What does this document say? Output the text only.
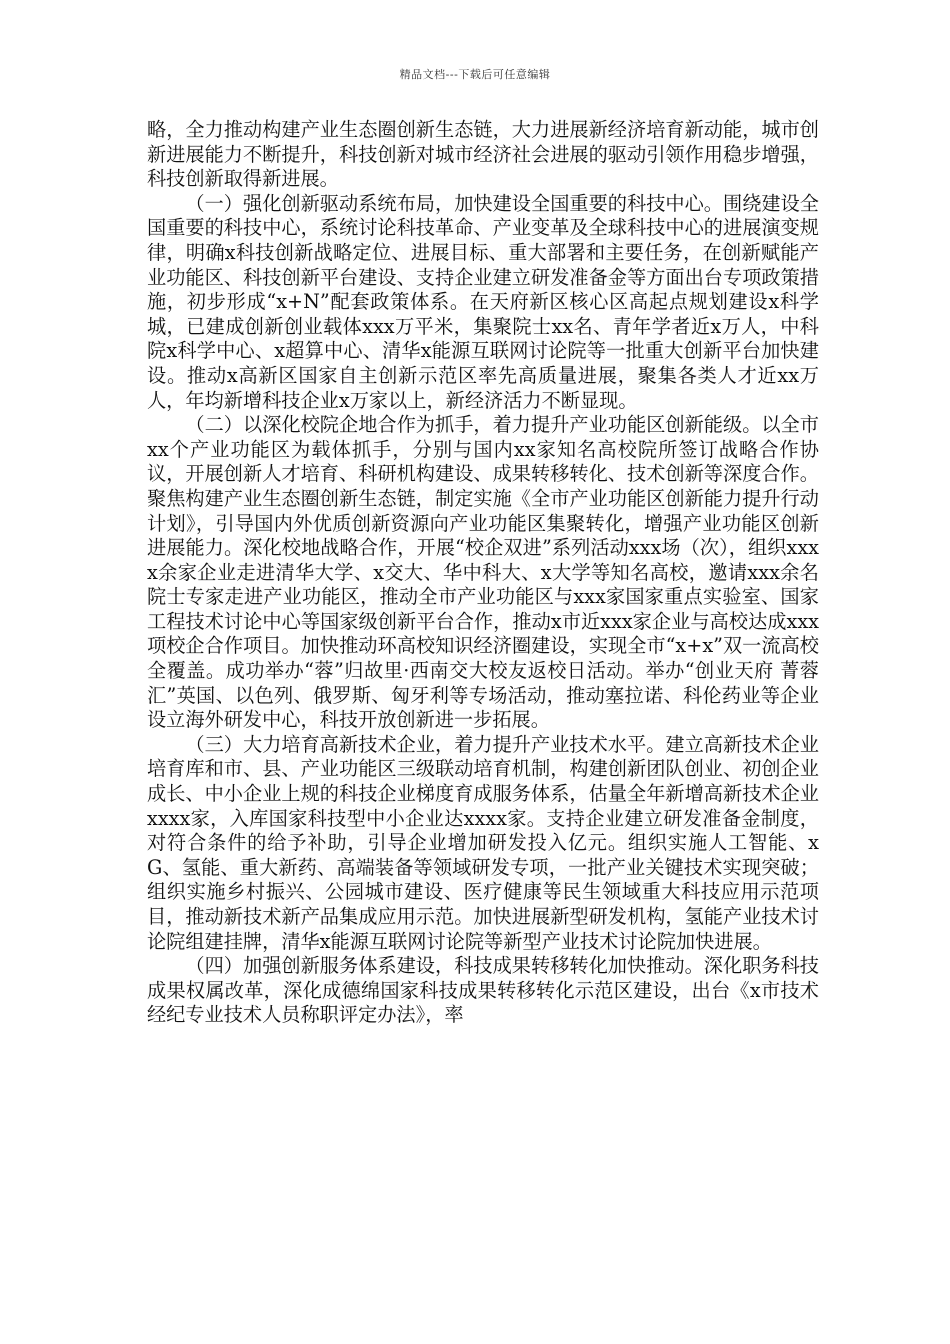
精品文档---下载后可任意编辑

略，全力推动构建产业生态圈创新生态链，大力进展新经济培育新动能，城市创新进展能力不断提升，科技创新对城市经济社会进展的驱动引领作用稳步增强，科技创新取得新进展。

（一）强化创新驱动系统布局，加快建设全国重要的科技中心。围绕建设全国重要的科技中心，系统讨论科技革命、产业变革及全球科技中心的进展演变规律，明确x科技创新战略定位、进展目标、重大部署和主要任务，在创新赋能产业功能区、科技创新平台建设、支持企业建立研发准备金等方面出台专项政策措施，初步形成“x+N”配套政策体系。在天府新区核心区高起点规划建设x科学城，已建成创新创业载体xxx万平米，集聚院士xx名、青年学者近x万人，中科院x科学中心、x超算中心、清华x能源互联网讨论院等一批重大创新平台加快建设。推动x高新区国家自主创新示范区率先高质量进展，聚集各类人才近xx万人，年均新增科技企业x万家以上，新经济活力不断显现。

（二）以深化校院企地合作为抓手，着力提升产业功能区创新能级。以全市xx个产业功能区为载体抓手，分别与国内xx家知名高校院所签订战略合作协议，开展创新人才培育、科研机构建设、成果转移转化、技术创新等深度合作。聚焦构建产业生态圈创新生态链，制定实施《全市产业功能区创新能力提升行动计划》，引导国内外优质创新资源向产业功能区集聚转化，增强产业功能区创新进展能力。深化校地战略合作，开展“校企双进”系列活动xxx场（次），组织xxxx余家企业走进清华大学、x交大、华中科大、x大学等知名高校，邀请xxx余名院士专家走进产业功能区，推动全市产业功能区与xxx家国家重点实验室、国家工程技术讨论中心等国家级创新平台合作，推动x市近xxx家企业与高校达成xxx项校企合作项目。加快推动环高校知识经济圈建设，实现全市“x+x”双一流高校全覆盖。成功举办“蓉”归故里·西南交大校友返校日活动。举办“创业天府 菁蓉汇”英国、以色列、俄罗斯、匈牙利等专场活动，推动塞拉诺、科伦药业等企业设立海外研发中心，科技开放创新进一步拓展。

（三）大力培育高新技术企业，着力提升产业技术水平。建立高新技术企业培育库和市、县、产业功能区三级联动培育机制，构建创新团队创业、初创企业成长、中小企业上规的科技企业梯度育成服务体系，估量全年新增高新技术企业xxxx家，入库国家科技型中小企业达xxxx家。支持企业建立研发准备金制度，对符合条件的给予补助，引导企业增加研发投入亿元。组织实施人工智能、xG、氢能、重大新药、高端装备等领域研发专项，一批产业关键技术实现突破；组织实施乡村振兴、公园城市建设、医疗健康等民生领域重大科技应用示范项目，推动新技术新产品集成应用示范。加快进展新型研发机构，氢能产业技术讨论院组建挂牌，清华x能源互联网讨论院等新型产业技术讨论院加快进展。

（四）加强创新服务体系建设，科技成果转移转化加快推动。深化职务科技成果权属改革，深化成德绵国家科技成果转移转化示范区建设，出台《x市技术经纪专业技术人员称职评定办法》，率
